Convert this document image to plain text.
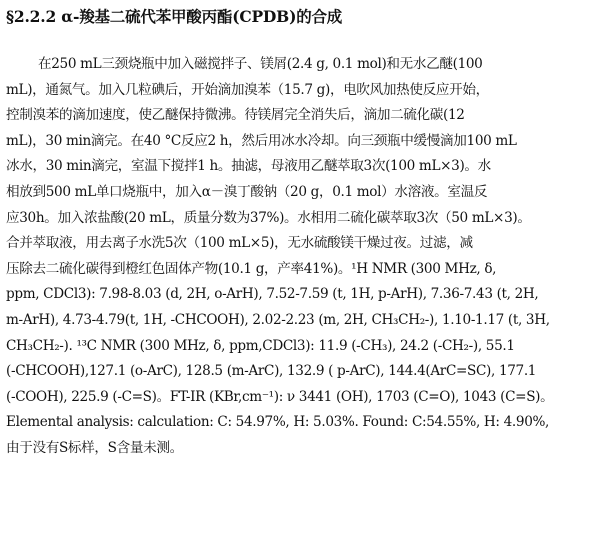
§2.2.2 α-羧基二硫代苯甲酸丙酯(CPDB)的合成
在250 mL三颈烧瓶中加入磁搅拌子、镁屑(2.4 g, 0.1 mol)和无水乙醚(100
mL)，通氮气。加入几粒碘后，开始滴加溴苯（15.7 g)，电吹风加热使反应开始，
控制溴苯的滴加速度，使乙醚保持微沸。待镁屑完全消失后，滴加二硫化碳(12
mL)，30 min滴完。在40 °C反应2 h，然后用冰水冷却。向三颈瓶中缓慢滴加100 mL
冰水，30 min滴完，室温下搅拌1 h。抽滤，母液用乙醚萃取3次(100 mL×3)。水
相放到500 mL单口烧瓶中，加入α－溴丁酸钠（20 g，0.1 mol）水溶液。室温反
应30h。加入浓盐酸(20 mL，质量分数为37%)。水相用二硫化碳萃取3次（50 mL×3)。
合并萃取液，用去离子水洗5次（100 mL×5)，无水硫酸镁干燥过夜。过滤，减
压除去二硫化碳得到橙红色固体产物(10.1 g，产率41%)。¹H NMR (300 MHz, δ,
ppm, CDCl3): 7.98-8.03 (d, 2H, o-ArH), 7.52-7.59 (t, 1H, p-ArH), 7.36-7.43 (t, 2H,
m-ArH), 4.73-4.79(t, 1H, -CHCOOH), 2.02-2.23 (m, 2H, CH₃CH₂-), 1.10-1.17 (t, 3H,
CH₃CH₂-). ¹³C NMR (300 MHz, δ, ppm,CDCl3): 11.9 (-CH₃), 24.2 (-CH₂-), 55.1
(-CHCOOH),127.1 (o-ArC), 128.5 (m-ArC), 132.9 ( p-ArC), 144.4(ArC=SC), 177.1
(-COOH), 225.9 (-C=S)。FT-IR (KBr,cm⁻¹): ν 3441 (OH), 1703 (C=O), 1043 (C=S)。
Elemental analysis: calculation: C: 54.97%, H: 5.03%. Found: C:54.55%, H: 4.90%,
由于没有S标样，S含量未测。
